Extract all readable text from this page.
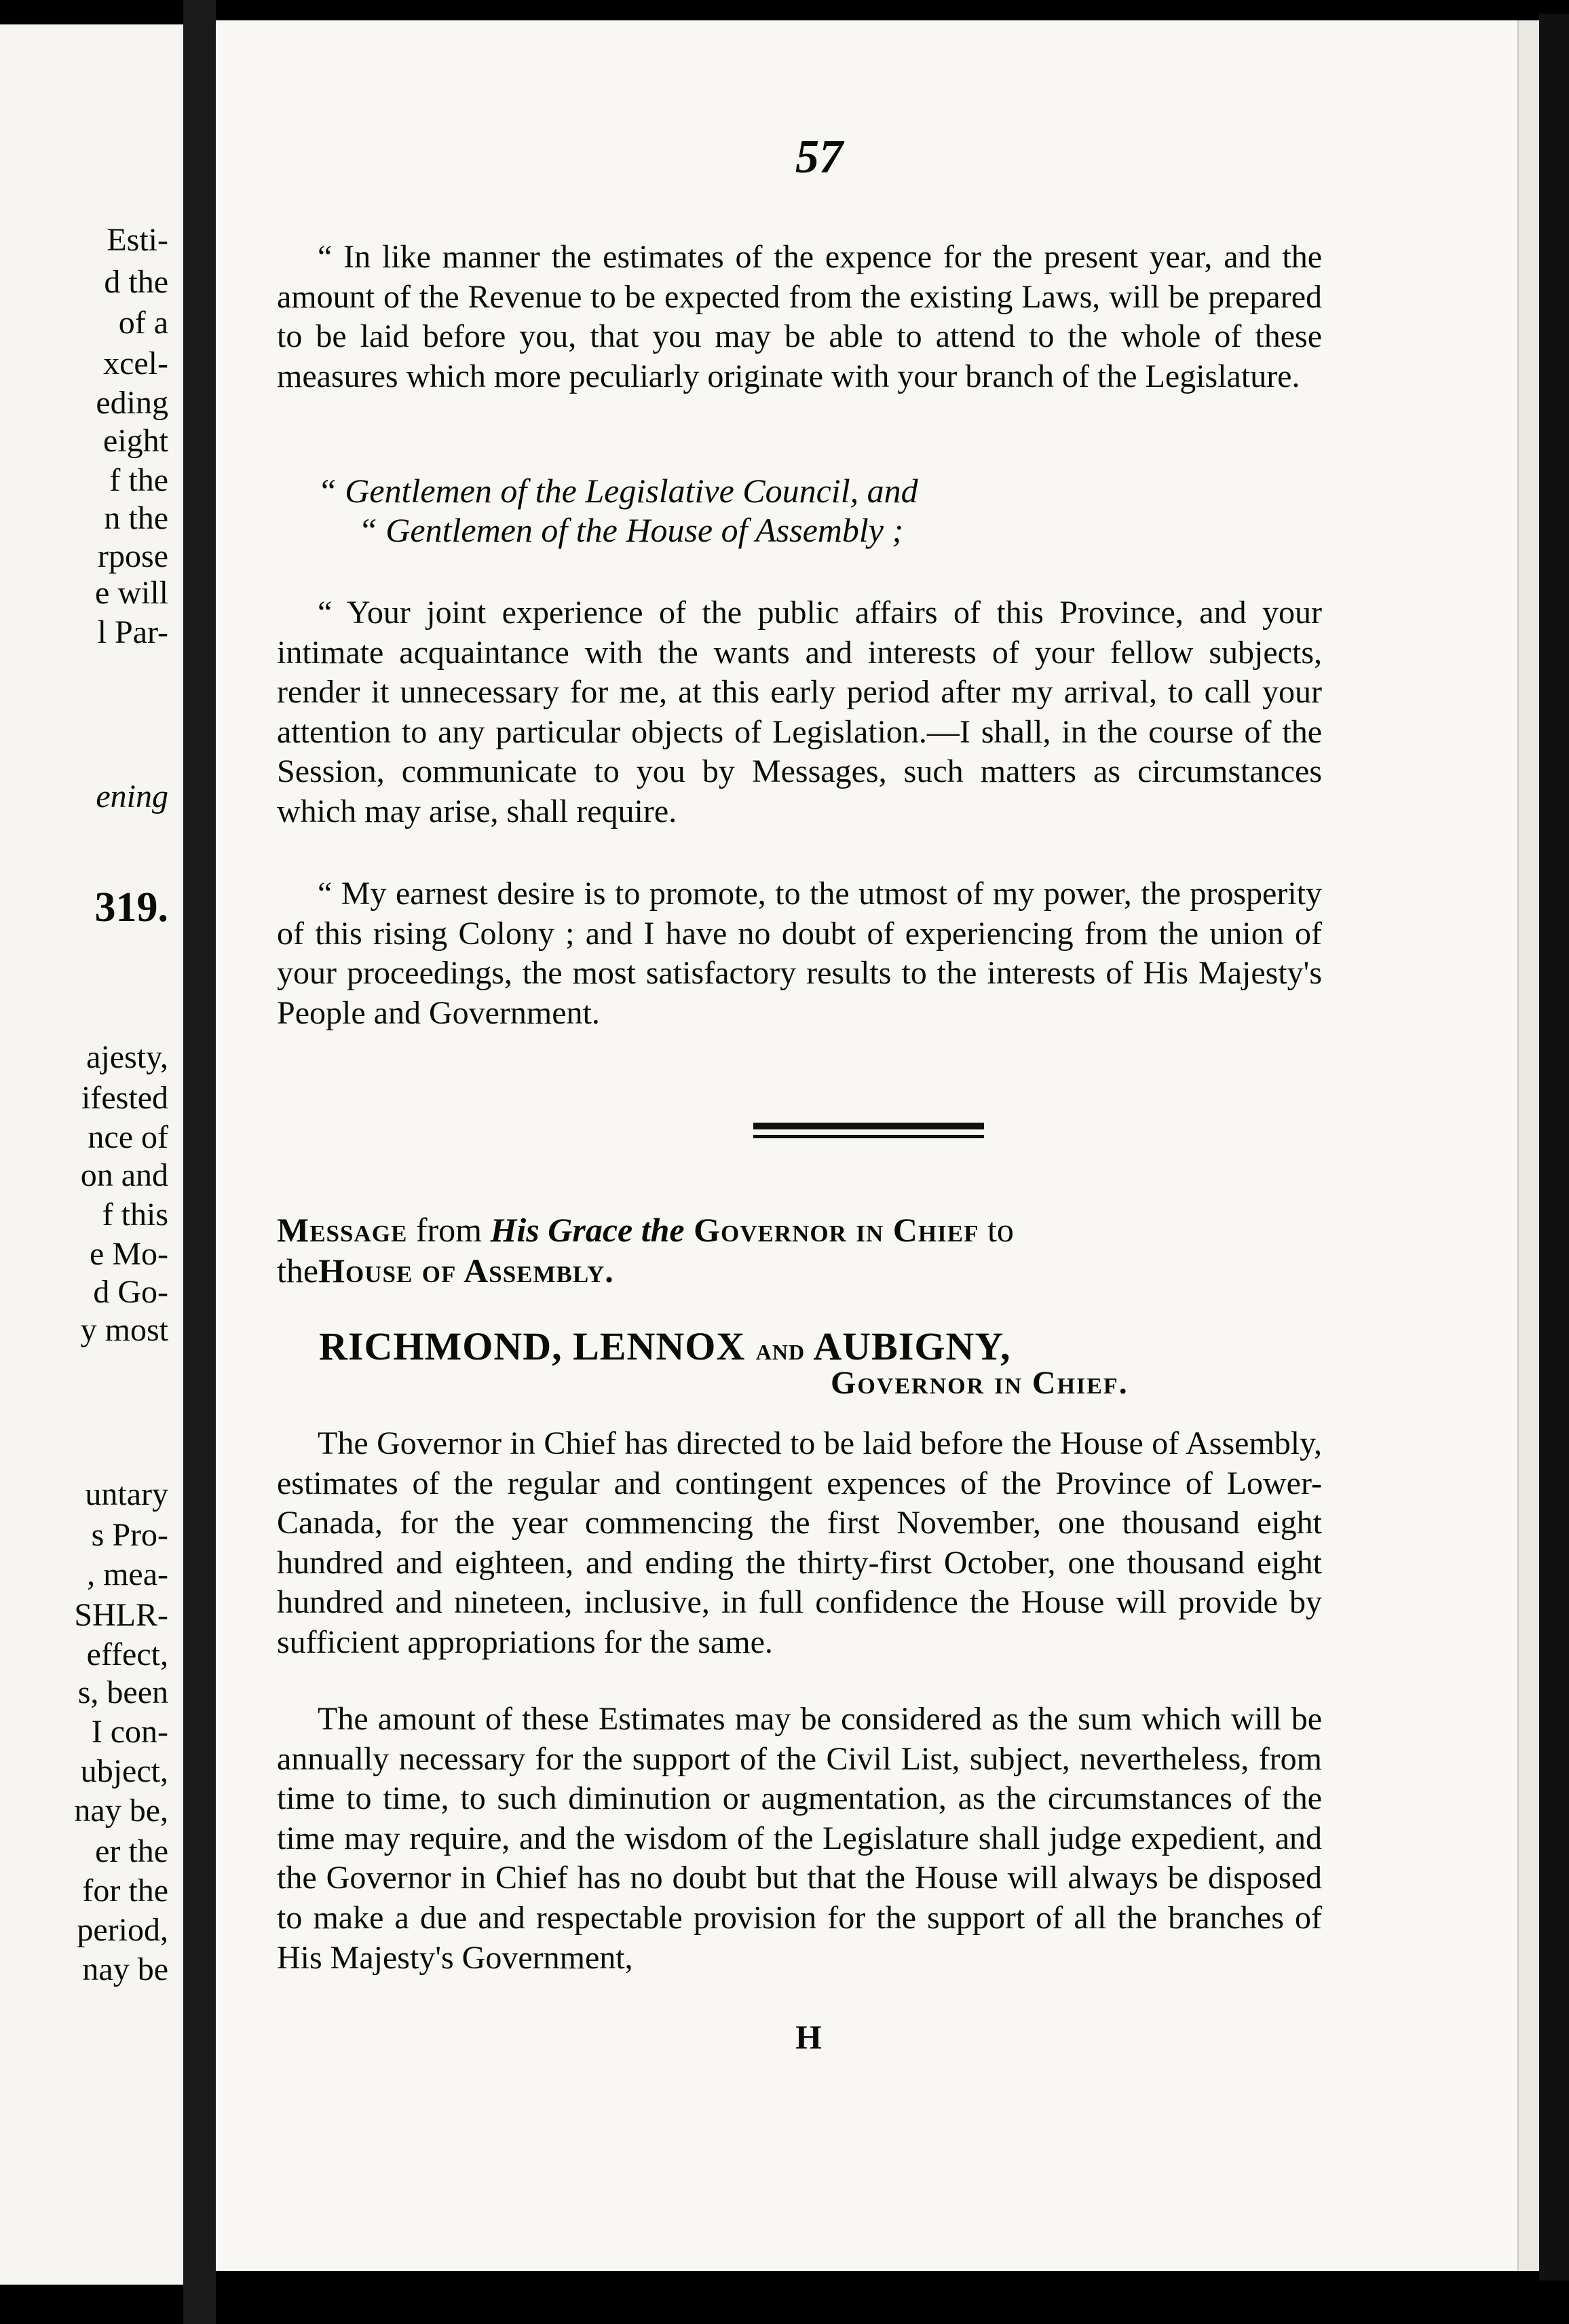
Esti-
d the
of a
xcel-
eding
eight
f the
n the
rpose
e will
l Par-
ening
319.
ajesty,
ifested
nce of
on and
f this
e Mo-
d Go-
y most
untary
s Pro-
, mea-
SHLR-
effect,
s, been
I con-
ubject,
nay be,
er the
for the
period,
nay be
57

“ In like manner the estimates of the expence for the present year, and the amount of the Revenue to be expected from the existing Laws, will be prepared to be laid before you, that you may be able to attend to the whole of these measures which more peculiarly originate with your branch of the Legislature.

“ Gentlemen of the Legislative Council, and
“ Gentlemen of the House of Assembly ;

“ Your joint experience of the public affairs of this Province, and your intimate acquaintance with the wants and interests of your fellow subjects, render it unnecessary for me, at this early period after my arrival, to call your attention to any particular objects of Legislation.—I shall, in the course of the Session, communicate to you by Messages, such matters as circumstances which may arise, shall require.

“ My earnest desire is to promote, to the utmost of my power, the prosperity of this rising Colony ; and I have no doubt of experiencing from the union of your proceedings, the most satisfactory results to the interests of His Majesty's People and Government.

Message from His Grace the Governor in Chief to
theHouse of Assembly.
RICHMOND, LENNOX and AUBIGNY,
Governor in Chief.

The Governor in Chief has directed to be laid before the House of Assembly, estimates of the regular and contingent expences of the Province of Lower-Canada, for the year commencing the first November, one thousand eight hundred and eighteen, and ending the thirty-first October, one thousand eight hundred and nineteen, inclusive, in full confidence the House will provide by sufficient appropriations for the same.

The amount of these Estimates may be considered as the sum which will be annually necessary for the support of the Civil List, subject, nevertheless, from time to time, to such diminution or augmentation, as the circumstances of the time may require, and the wisdom of the Legislature shall judge expedient, and the Governor in Chief has no doubt but that the House will always be disposed to make a due and respectable provision for the support of all the branches of His Majesty's Government,

H
